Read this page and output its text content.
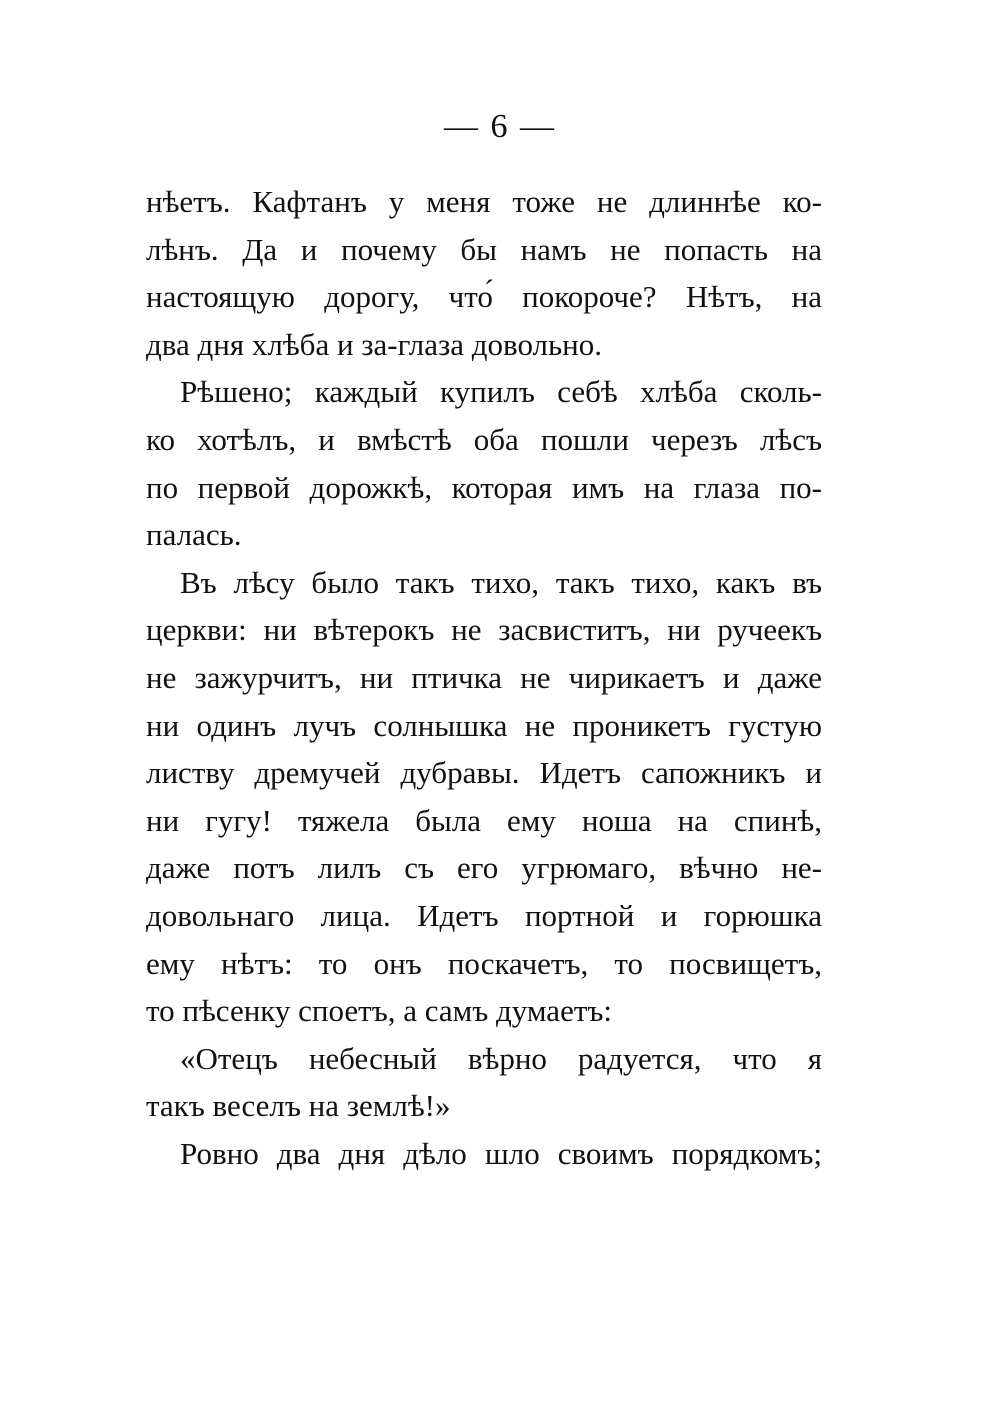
— 6 —
нѣетъ. Кафтанъ у меня тоже не длиннѣе ко-
лѣнъ. Да и почему бы намъ не попасть на
настоящую дорогу, что́ покороче? Нѣтъ, на
два дня хлѣба и за-глаза довольно.
Рѣшено; каждый купилъ себѣ хлѣба сколь-
ко хотѣлъ, и вмѣстѣ оба пошли черезъ лѣсъ
по первой дорожкѣ, которая имъ на глаза по-
палась.
Въ лѣсу было такъ тихо, такъ тихо, какъ въ
церкви: ни вѣтерокъ не засвиститъ, ни ручеекъ
не зажурчитъ, ни птичка не чирикаетъ и даже
ни одинъ лучъ солнышка не проникетъ густую
листву дремучей дубравы. Идетъ сапожникъ и
ни гугу! тяжела была ему ноша на спинѣ,
даже потъ лилъ съ его угрюмаго, вѣчно не-
довольнаго лица. Идетъ портной и горюшка
ему нѣтъ: то онъ поскачетъ, то посвищетъ,
то пѣсенку споетъ, а самъ думаетъ:
«Отецъ небесный вѣрно радуется, что я
такъ веселъ на землѣ!»
Ровно два дня дѣло шло своимъ порядкомъ;
